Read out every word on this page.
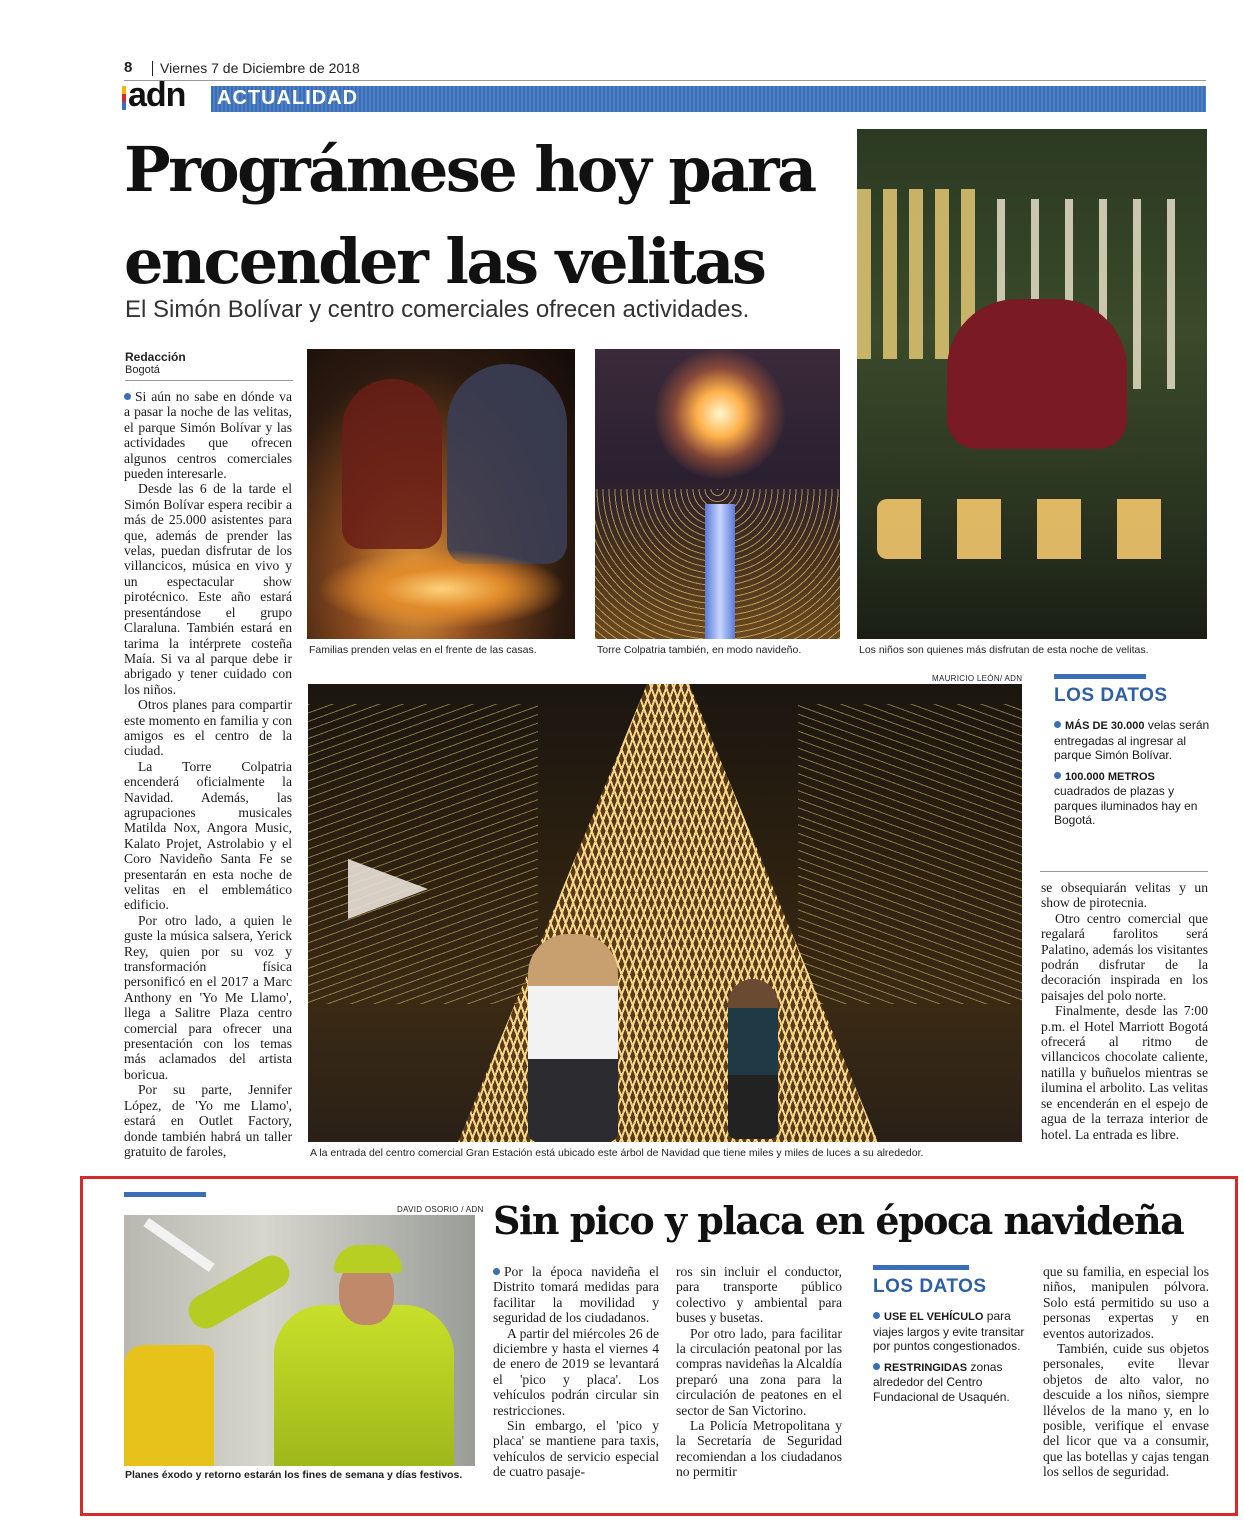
8 Viernes 7 de Diciembre de 2018
adn ACTUALIDAD
Prográmese hoy para
encender las velitas
El Simón Bolívar y centro comerciales ofrecen actividades.
Redacción
Bogotá

Si aún no sabe en dónde va a pasar la noche de las velitas, el parque Simón Bolívar y las actividades que ofrecen algunos centros comerciales pueden interesarle.

Desde las 6 de la tarde el Simón Bolívar espera recibir a más de 25.000 asistentes para que, además de prender las velas, puedan disfrutar de los villancicos, música en vivo y un espectacular show pirotécnico. Este año estará presentándose el grupo Claraluna. También estará en tarima la intérprete costeña Maía. Si va al parque debe ir abrigado y tener cuidado con los niños.

Otros planes para compartir este momento en familia y con amigos es el centro de la ciudad.

La Torre Colpatria encenderá oficialmente la Navidad. Además, las agrupaciones musicales Matilda Nox, Angora Music, Kalato Projet, Astrolabio y el Coro Navideño Santa Fe se presentarán en esta noche de velitas en el emblemático edificio.

Por otro lado, a quien le guste la música salsera, Yerick Rey, quien por su voz y transformación física personificó en el 2017 a Marc Anthony en 'Yo Me Llamo', llega a Salitre Plaza centro comercial para ofrecer una presentación con los temas más aclamados del artista boricua.

Por su parte, Jennifer López, de 'Yo me Llamo', estará en Outlet Factory, donde también habrá un taller gratuito de faroles,

Familias prenden velas en el frente de las casas.	Torre Colpatria también, en modo navideño.	Los niños son quienes más disfrutan de esta noche de velitas.
MAURICIO LEÓN/ ADN
A la entrada del centro comercial Gran Estación está ubicado este árbol de Navidad que tiene miles y miles de luces a su alrededor.
LOS DATOS

MÁS DE 30.000 velas serán entregadas al ingresar al parque Simón Bolívar.

100.000 METROS cuadrados de plazas y parques iluminados hay en Bogotá.

se obsequiarán velitas y un show de pirotecnia.

Otro centro comercial que regalará farolitos será Palatino, además los visitantes podrán disfrutar de la decoración inspirada en los paisajes del polo norte.

Finalmente, desde las 7:00 p.m. el Hotel Marriott Bogotá ofrecerá al ritmo de villancicos chocolate caliente, natilla y buñuelos mientras se ilumina el arbolito. Las velitas se encenderán en el espejo de agua de la terraza interior de hotel. La entrada es libre.

DAVID OSORIO / ADN
Planes éxodo y retorno estarán los fines de semana y días festivos.
Sin pico y placa en época navideña

Por la época navideña el Distrito tomará medidas para facilitar la movilidad y seguridad de los ciudadanos.

A partir del miércoles 26 de diciembre y hasta el viernes 4 de enero de 2019 se levantará el 'pico y placa'. Los vehículos podrán circular sin restricciones.

Sin embargo, el 'pico y placa' se mantiene para taxis, vehículos de servicio especial de cuatro pasaje-

ros sin incluir el conductor, para transporte público colectivo y ambiental para buses y busetas.

Por otro lado, para facilitar la circulación peatonal por las compras navideñas la Alcaldía preparó una zona para la circulación de peatones en el sector de San Victorino.

La Policía Metropolitana y la Secretaría de Seguridad recomiendan a los ciudadanos no permitir

LOS DATOS

USE EL VEHÍCULO para viajes largos y evite transitar por puntos congestionados.

RESTRINGIDAS zonas alrededor del Centro Fundacional de Usaquén.

que su familia, en especial los niños, manipulen pólvora. Solo está permitido su uso a personas expertas y en eventos autorizados.

También, cuide sus objetos personales, evite llevar objetos de alto valor, no descuide a los niños, siempre llévelos de la mano y, en lo posible, verifique el envase del licor que va a consumir, que las botellas y cajas tengan los sellos de seguridad.
